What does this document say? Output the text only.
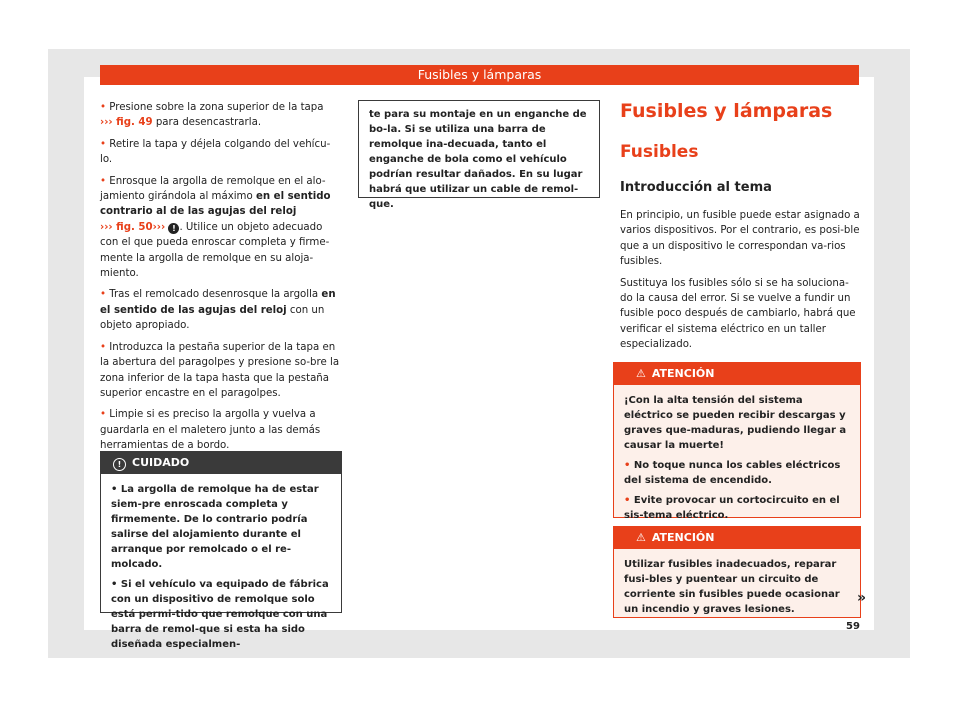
Fusibles y lámparas

• Presione sobre la zona superior de la tapa
››› fig. 49 para desencastrarla.

• Retire la tapa y déjela colgando del vehícu-lo.

• Enrosque la argolla de remolque en el alo-jamiento girándola al máximo en el sentido contrario al de las agujas del reloj
››› fig. 50››› ! . Utilice un objeto adecuado con el que pueda enroscar completa y firme-mente la argolla de remolque en su aloja-miento.

• Tras el remolcado desenrosque la argolla en el sentido de las agujas del reloj con un objeto apropiado.

• Introduzca la pestaña superior de la tapa en la abertura del paragolpes y presione so-bre la zona inferior de la tapa hasta que la pestaña superior encastre en el paragolpes.

• Limpie si es preciso la argolla y vuelva a guardarla en el maletero junto a las demás herramientas de a bordo.

! CUIDADO

• La argolla de remolque ha de estar siem-pre enroscada completa y firmemente. De lo contrario podría salirse del alojamiento durante el arranque por remolcado o el re-molcado.

• Si el vehículo va equipado de fábrica con un dispositivo de remolque solo está permi-tido que remolque con una barra de remol-que si esta ha sido diseñada especialmen-

te para su montaje en un enganche de bo-la. Si se utiliza una barra de remolque ina-decuada, tanto el enganche de bola como el vehículo podrían resultar dañados. En su lugar habrá que utilizar un cable de remol-que.

Fusibles y lámparas
Fusibles
Introducción al tema

En principio, un fusible puede estar asignado a varios dispositivos. Por el contrario, es posi-ble que a un dispositivo le correspondan va-rios fusibles.

Sustituya los fusibles sólo si se ha soluciona-do la causa del error. Si se vuelve a fundir un fusible poco después de cambiarlo, habrá que verificar el sistema eléctrico en un taller especializado.

⚠ ATENCIÓN

¡Con la alta tensión del sistema eléctrico se pueden recibir descargas y graves que-maduras, pudiendo llegar a causar la muerte!

• No toque nunca los cables eléctricos del sistema de encendido.

• Evite provocar un cortocircuito en el sis-tema eléctrico.

⚠ ATENCIÓN

Utilizar fusibles inadecuados, reparar fusi-bles y puentear un circuito de corriente sin fusibles puede ocasionar un incendio y graves lesiones.

»
59
